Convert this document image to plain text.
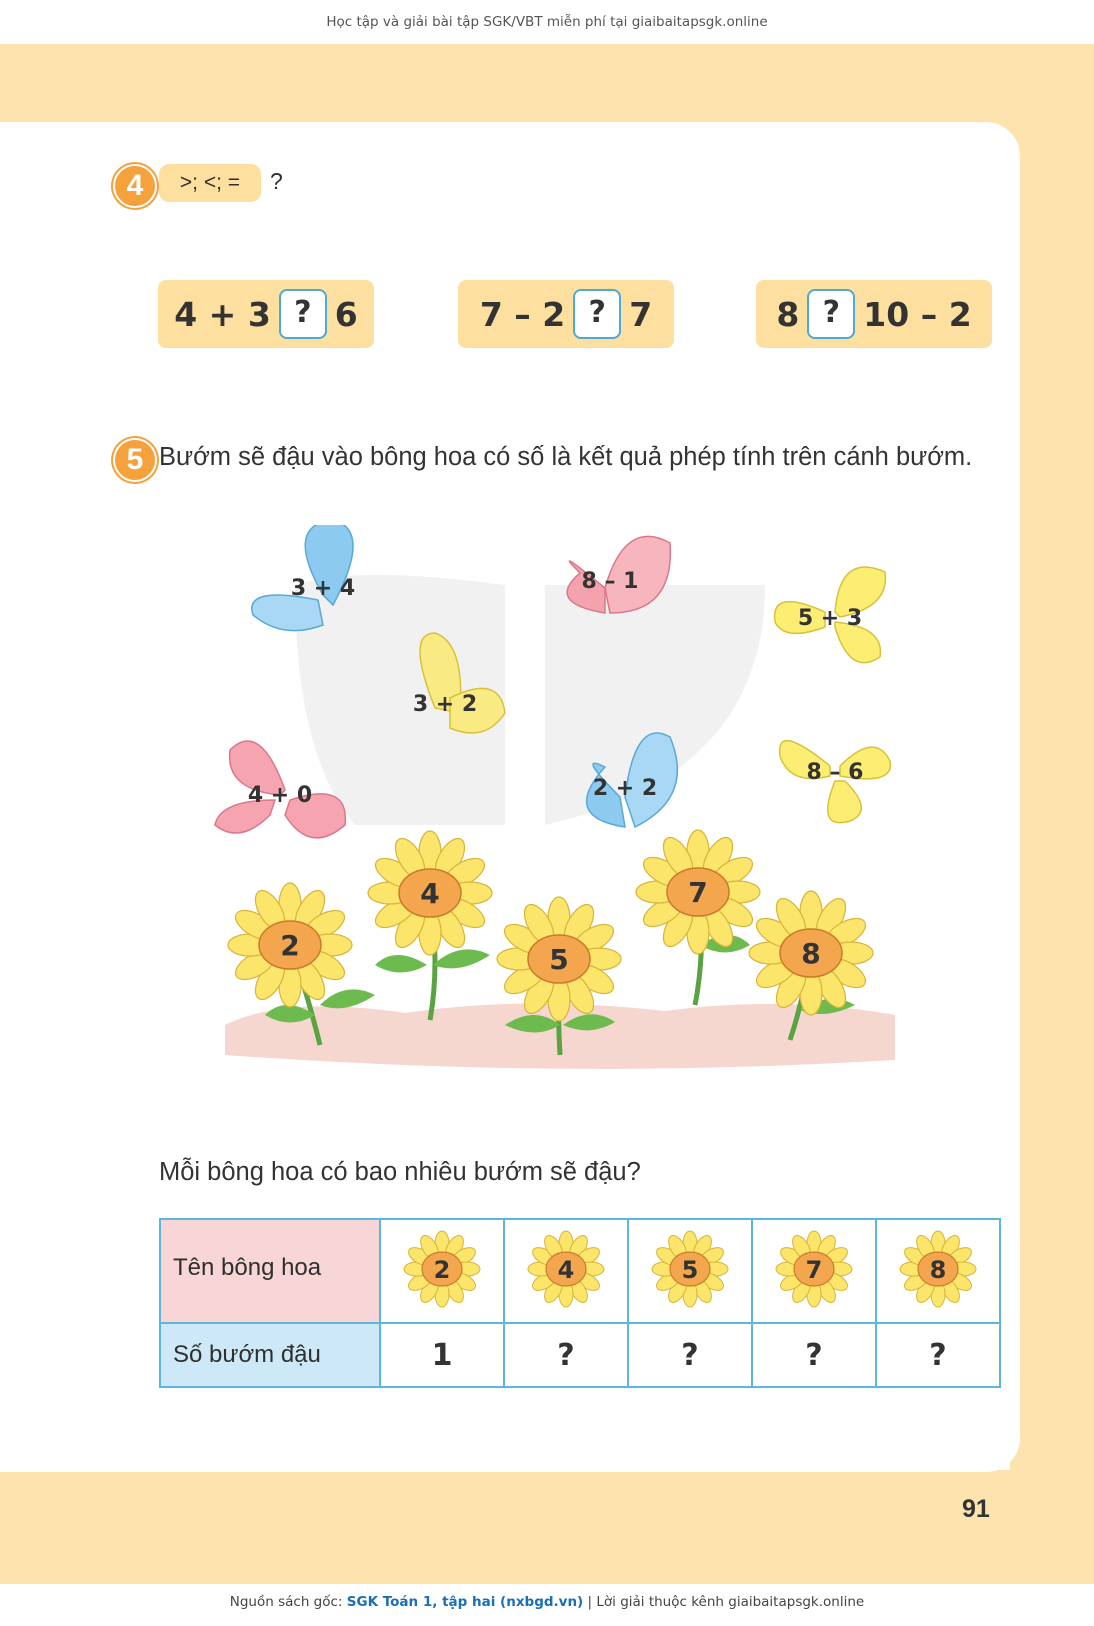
Học tập và giải bài tập SGK/VBT miễn phí tại giaibaitapsgk.online
4	>; <; =	?
4 + 3 ? 6	7 – 2 ? 7	8 ? 10 – 2
5 Bướm sẽ đậu vào bông hoa có số là kết quả phép tính trên cánh bướm.
2
4
5
7
8
3 + 4	8 – 1
5 + 3
3 + 2
4 + 0	2 + 2
8 – 6
Mỗi bông hoa có bao nhiêu bướm sẽ đậu?
Tên bông hoa	2	4	5	7	8

Số bướm đậu	1	?	?	?	?
91
Nguồn sách gốc: SGK Toán 1, tập hai (nxbgd.vn) | Lời giải thuộc kênh giaibaitapsgk.online
